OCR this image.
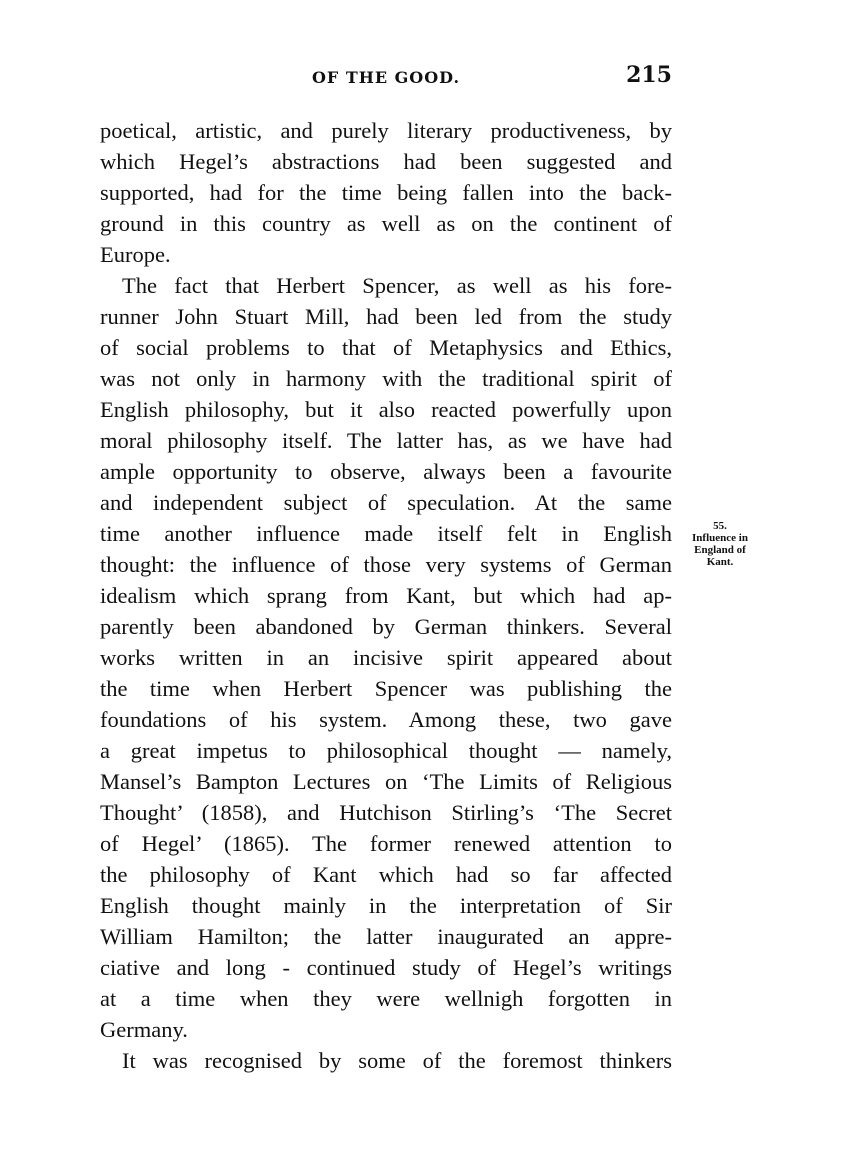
OF THE GOOD.	215
poetical, artistic, and purely literary productiveness, by
which Hegel’s abstractions had been suggested and
supported, had for the time being fallen into the back-
ground in this country as well as on the continent of
Europe.
The fact that Herbert Spencer, as well as his fore-
runner John Stuart Mill, had been led from the study
of social problems to that of Metaphysics and Ethics,
was not only in harmony with the traditional spirit of
English philosophy, but it also reacted powerfully upon
moral philosophy itself. The latter has, as we have had
ample opportunity to observe, always been a favourite
and independent subject of speculation. At the same
time another influence made itself felt in English
thought: the influence of those very systems of German
idealism which sprang from Kant, but which had ap-
parently been abandoned by German thinkers. Several
works written in an incisive spirit appeared about
the time when Herbert Spencer was publishing the
foundations of his system. Among these, two gave
a great impetus to philosophical thought — namely,
Mansel’s Bampton Lectures on ‘The Limits of Religious
Thought’ (1858), and Hutchison Stirling’s ‘The Secret
of Hegel’ (1865). The former renewed attention to
the philosophy of Kant which had so far affected
English thought mainly in the interpretation of Sir
William Hamilton; the latter inaugurated an appre-
ciative and long - continued study of Hegel’s writings
at a time when they were wellnigh forgotten in
Germany.
It was recognised by some of the foremost thinkers
55.
Influence in
England of
Kant.
